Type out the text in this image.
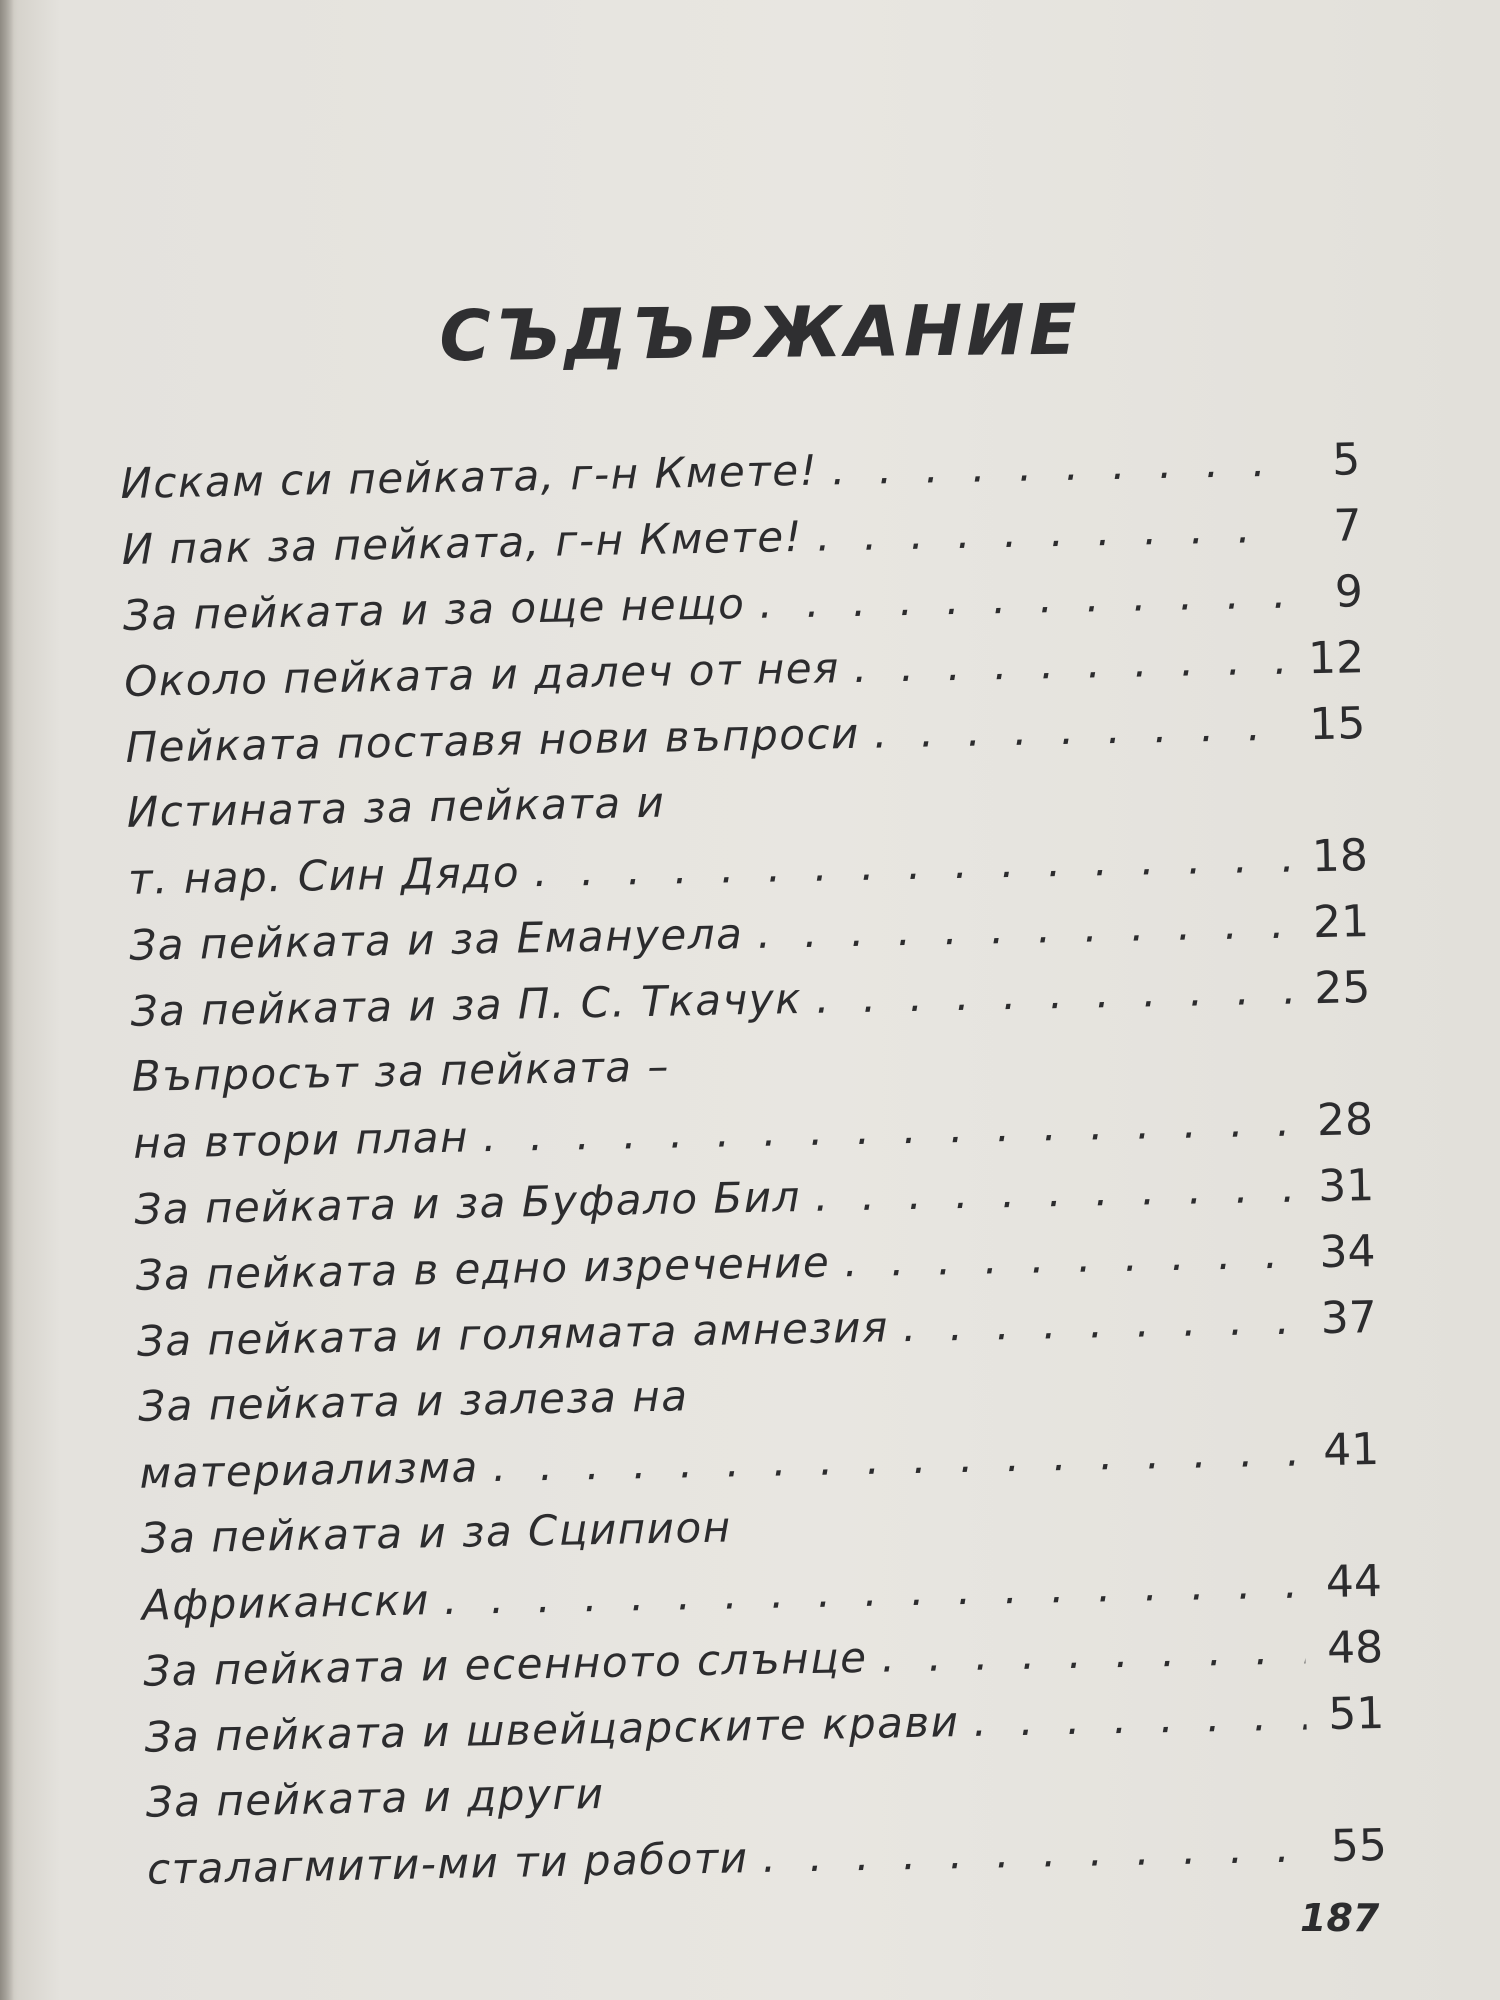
СЪДЪРЖАНИЕ
Искам си пейката, г-н Кмете! . . .	5
И пак за пейката, г-н Кмете! . . .	7
За пейката и за още нещо . . .	9
Около пейката и далеч от нея . . .	12
Пейката поставя нови въпроси . . .	15
Истината за пейката и
т. нар. Син Дядо . . .	18
За пейката и за Емануела . . .	21
За пейката и за П. С. Ткачук . . .	25
Въпросът за пейката –
на втори план . . .	28
За пейката и за Буфало Бил . . .	31
За пейката в едно изречение . . .	34
За пейката и голямата амнезия . . .	37
За пейката и залеза на
материализма . . .	41
За пейката и за Сципион
Африкански . . .	44
За пейката и есенното слънце . . .	48
За пейката и швейцарските крави . . .	51
За пейката и други
сталагмити-ми ти работи . . .	55
187
